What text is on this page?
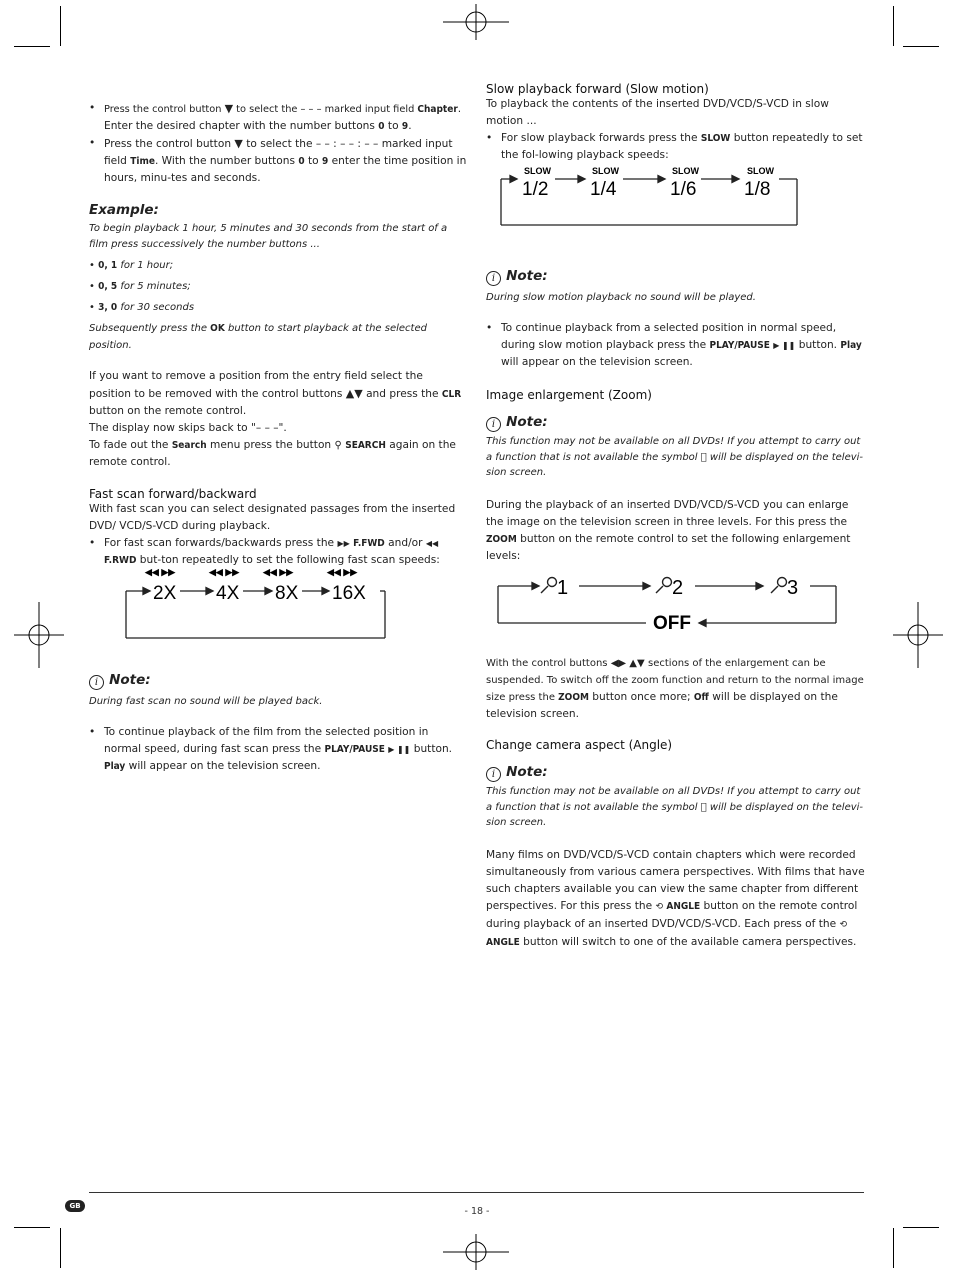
• Press the control button ▼ to select the – – – marked input field Chapter. Enter the desired chapter with the number buttons 0 to 9.
• Press the control button ▼ to select the – – : – – : – – marked input field Time. With the number buttons 0 to 9 enter the time position in hours, minu-tes and seconds.
Example:
To begin playback 1 hour, 5 minutes and 30 seconds from the start of a film press successively the number buttons ...
• 0, 1 for 1 hour;
• 0, 5 for 5 minutes;
• 3, 0 for 30 seconds
Subsequently press the OK button to start playback at the selected position.
If you want to remove a position from the entry field select the position to be removed with the control buttons ▲▼ and press the CLR button on the remote control.
The display now skips back to "– – –".
To fade out the Search menu press the button ⚲ SEARCH again on the remote control.
Fast scan forward/backward
With fast scan you can select designated passages from the inserted DVD/ VCD/S-VCD during playback.
• For fast scan forwards/backwards press the ▶▶ F.FWD and/or ◀◀ F.RWD but-ton repeatedly to set the following fast scan speeds:
◀◀ ▶▶	◀◀ ▶▶	◀◀ ▶▶	◀◀ ▶▶
2X 4X 8X 16X
i Note:
During fast scan no sound will be played back.
• To continue playback of the film from the selected position in normal speed, during fast scan press the PLAY/PAUSE ▶ ❚❚ button. Play will appear on the television screen.
Slow playback forward (Slow motion)
To playback the contents of the inserted DVD/VCD/S-VCD in slow motion ...
• For slow playback forwards press the SLOW button repeatedly to set the fol-lowing playback speeds:
SLOW	SLOW	SLOW	SLOW
1/2 1/4	1/6	1/8
i Note:
During slow motion playback no sound will be played.
• To continue playback from a selected position in normal speed, during slow motion playback press the PLAY/PAUSE ▶ ❚❚ button. Play will appear on the television screen.
Image enlargement (Zoom)
i Note:
This function may not be available on all DVDs! If you attempt to carry out a function that is not available the symbol will be displayed on the televi-sion screen.
During the playback of an inserted DVD/VCD/S-VCD you can enlarge the image on the television screen in three levels. For this press the ZOOM button on the remote control to set the following enlargement levels:
1	2	3
OFF
With the control buttons ◀▶ ▲▼ sections of the enlargement can be suspended. To switch off the zoom function and return to the normal image size press the ZOOM button once more; Off will be displayed on the television screen.
Change camera aspect (Angle)
i Note:
This function may not be available on all DVDs! If you attempt to carry out a function that is not available the symbol will be displayed on the televi-sion screen.
Many films on DVD/VCD/S-VCD contain chapters which were recorded simultaneously from various camera perspectives. With films that have such chapters available you can view the same chapter from different perspectives. For this press the ⟲ ANGLE button on the remote control during playback of an inserted DVD/VCD/S-VCD. Each press of the ⟲ ANGLE button will switch to one of the available camera perspectives.
GB	- 18 -
